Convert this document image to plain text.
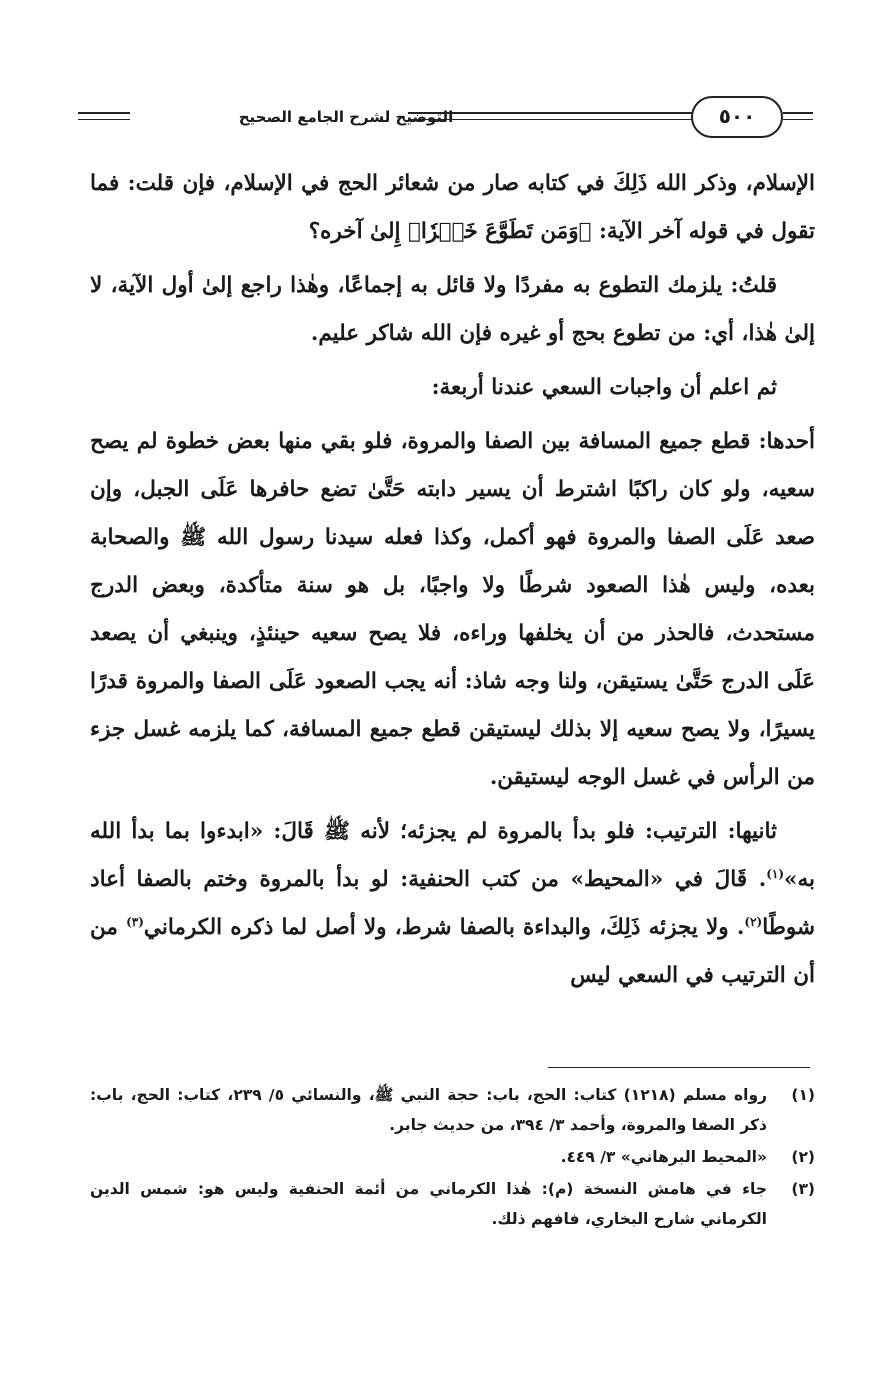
التوضيح لشرح الجامع الصحيح	٥٠٠

الإسلام، وذكر الله ذَلِكَ في كتابه صار من شعائر الحج في الإسلام، فإن قلت: فما تقول في قوله آخر الآية: ﴿وَمَن تَطَوَّعَ خَيۡرٗا﴾ إِلىٰ آخره؟

قلتُ: يلزمك التطوع به مفردًا ولا قائل به إجماعًا، وهٰذا راجع إلىٰ أول الآية، لا إلىٰ هٰذا، أي: من تطوع بحج أو غيره فإن الله شاكر عليم.

ثم اعلم أن واجبات السعي عندنا أربعة:

أحدها: قطع جميع المسافة بين الصفا والمروة، فلو بقي منها بعض خطوة لم يصح سعيه، ولو كان راكبًا اشترط أن يسير دابته حَتَّىٰ تضع حافرها عَلَى الجبل، وإن صعد عَلَى الصفا والمروة فهو أكمل، وكذا فعله سيدنا رسول الله ﷺ والصحابة بعده، وليس هٰذا الصعود شرطًا ولا واجبًا، بل هو سنة متأكدة، وبعض الدرج مستحدث، فالحذر من أن يخلفها وراءه، فلا يصح سعيه حينئذٍ، وينبغي أن يصعد عَلَى الدرج حَتَّىٰ يستيقن، ولنا وجه شاذ: أنه يجب الصعود عَلَى الصفا والمروة قدرًا يسيرًا، ولا يصح سعيه إلا بذلك ليستيقن قطع جميع المسافة، كما يلزمه غسل جزء من الرأس في غسل الوجه ليستيقن.

ثانيها: الترتيب: فلو بدأ بالمروة لم يجزئه؛ لأنه ﷺ قَالَ: «ابدءوا بما بدأ الله به»$^{(١)}$. قَالَ في «المحيط» من كتب الحنفية: لو بدأ بالمروة وختم بالصفا أعاد شوطًا$^{(٢)}$. ولا يجزئه ذَلِكَ، والبداءة بالصفا شرط، ولا أصل لما ذكره الكرماني$^{(٣)}$ من أن الترتيب في السعي ليس

(١)
رواه مسلم (١٢١٨) كتاب: الحج، باب: حجة النبي ﷺ، والنسائي ٥/ ٢٣٩، كتاب: الحج، باب: ذكر الصفا والمروة، وأحمد ٣/ ٣٩٤، من حديث جابر.
(٢)
«المحيط البرهاني» ٣/ ٤٤٩.
(٣)
جاء في هامش النسخة (م): هٰذا الكرماني من أئمة الحنفية وليس هو: شمس الدين الكرماني شارح البخاري، فافهم ذلك.
